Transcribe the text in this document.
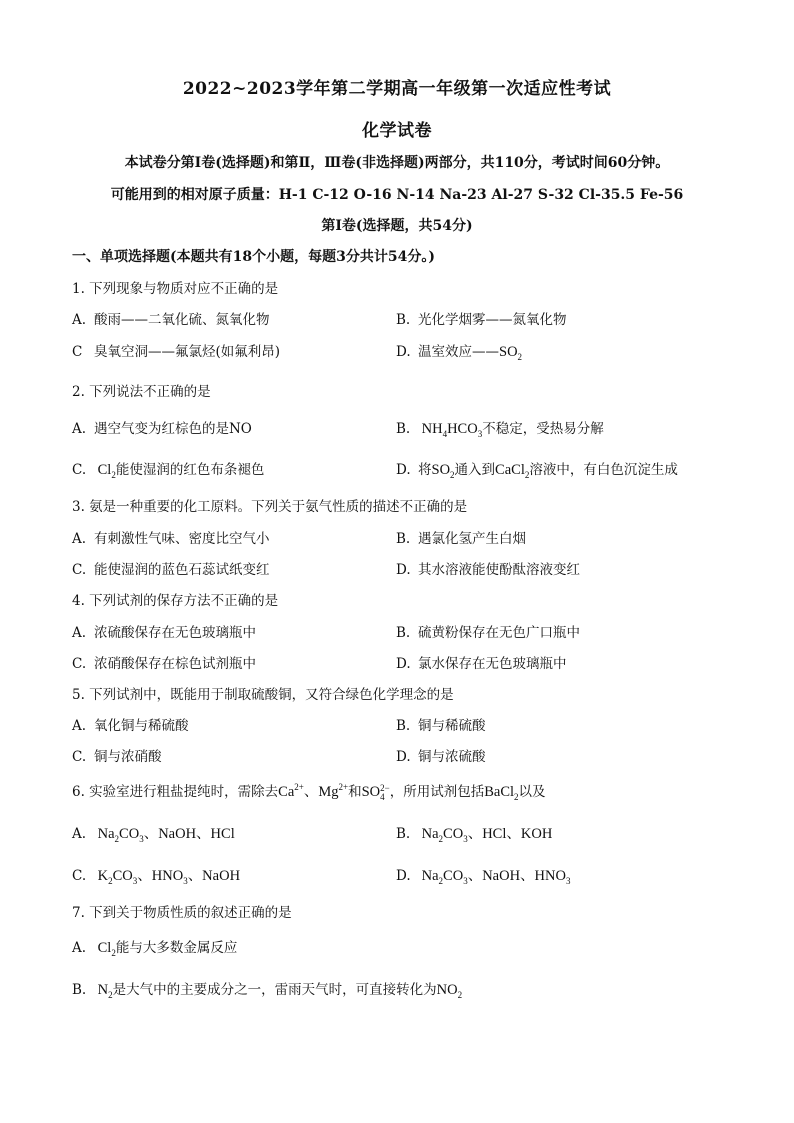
2022~2023学年第二学期高一年级第一次适应性考试
化学试卷
本试卷分第Ⅰ卷(选择题)和第Ⅱ，Ⅲ卷(非选择题)两部分，共110分，考试时间60分钟。
可能用到的相对原子质量：H-1 C-12 O-16 N-14 Na-23 Al-27 S-32 Cl-35.5 Fe-56
第Ⅰ卷(选择题，共54分)
一、单项选择题(本题共有18个小题，每题3分共计54分。)
1. 下列现象与物质对应不正确的是
A. 酸雨——二氧化硫、氮氧化物	B. 光化学烟雾——氮氧化物
C 臭氧空洞——氟氯烃(如氟利昂)	D. 温室效应$——SO_2$
2. 下列说法不正确的是
A. 遇空气变为红棕色的是NO	B. $NH_4HCO_3$不稳定，受热易分解
C. $Cl_2$能使湿润的红色布条褪色	D. 将$SO_2$通入到CaCl$_2$溶液中，有白色沉淀生成
3. 氨是一种重要的化工原料。下列关于氨气性质的描述不正确的是
A. 有刺激性气味、密度比空气小	B. 遇氯化氢产生白烟
C. 能使湿润的蓝色石蕊试纸变红	D. 其水溶液能使酚酞溶液变红
4. 下列试剂的保存方法不正确的是
A. 浓硫酸保存在无色玻璃瓶中	B. 硫黄粉保存在无色广口瓶中
C. 浓硝酸保存在棕色试剂瓶中	D. 氯水保存在无色玻璃瓶中
5. 下列试剂中，既能用于制取硫酸铜，又符合绿色化学理念的是
A. 氧化铜与稀硫酸	B. 铜与稀硫酸
C. 铜与浓硝酸	D. 铜与浓硫酸
6. 实验室进行粗盐提纯时，需除去$Ca^{2+}$、$Mg^{2+}$和SO 2−
4 ，所用试剂包括BaCl$_2$以及
A. $Na_2CO_3$、NaOH、HCl	B. $Na_2CO_3$、HCl、KOH
C. $K_2CO_3$、$HNO_3$、NaOH	D. $Na_2CO_3$、NaOH、$HNO_3$
7. 下到关于物质性质的叙述正确的是
A. $Cl_2$能与大多数金属反应
B. $N_2$是大气中的主要成分之一，雷雨天气时，可直接转化为$NO_2$
